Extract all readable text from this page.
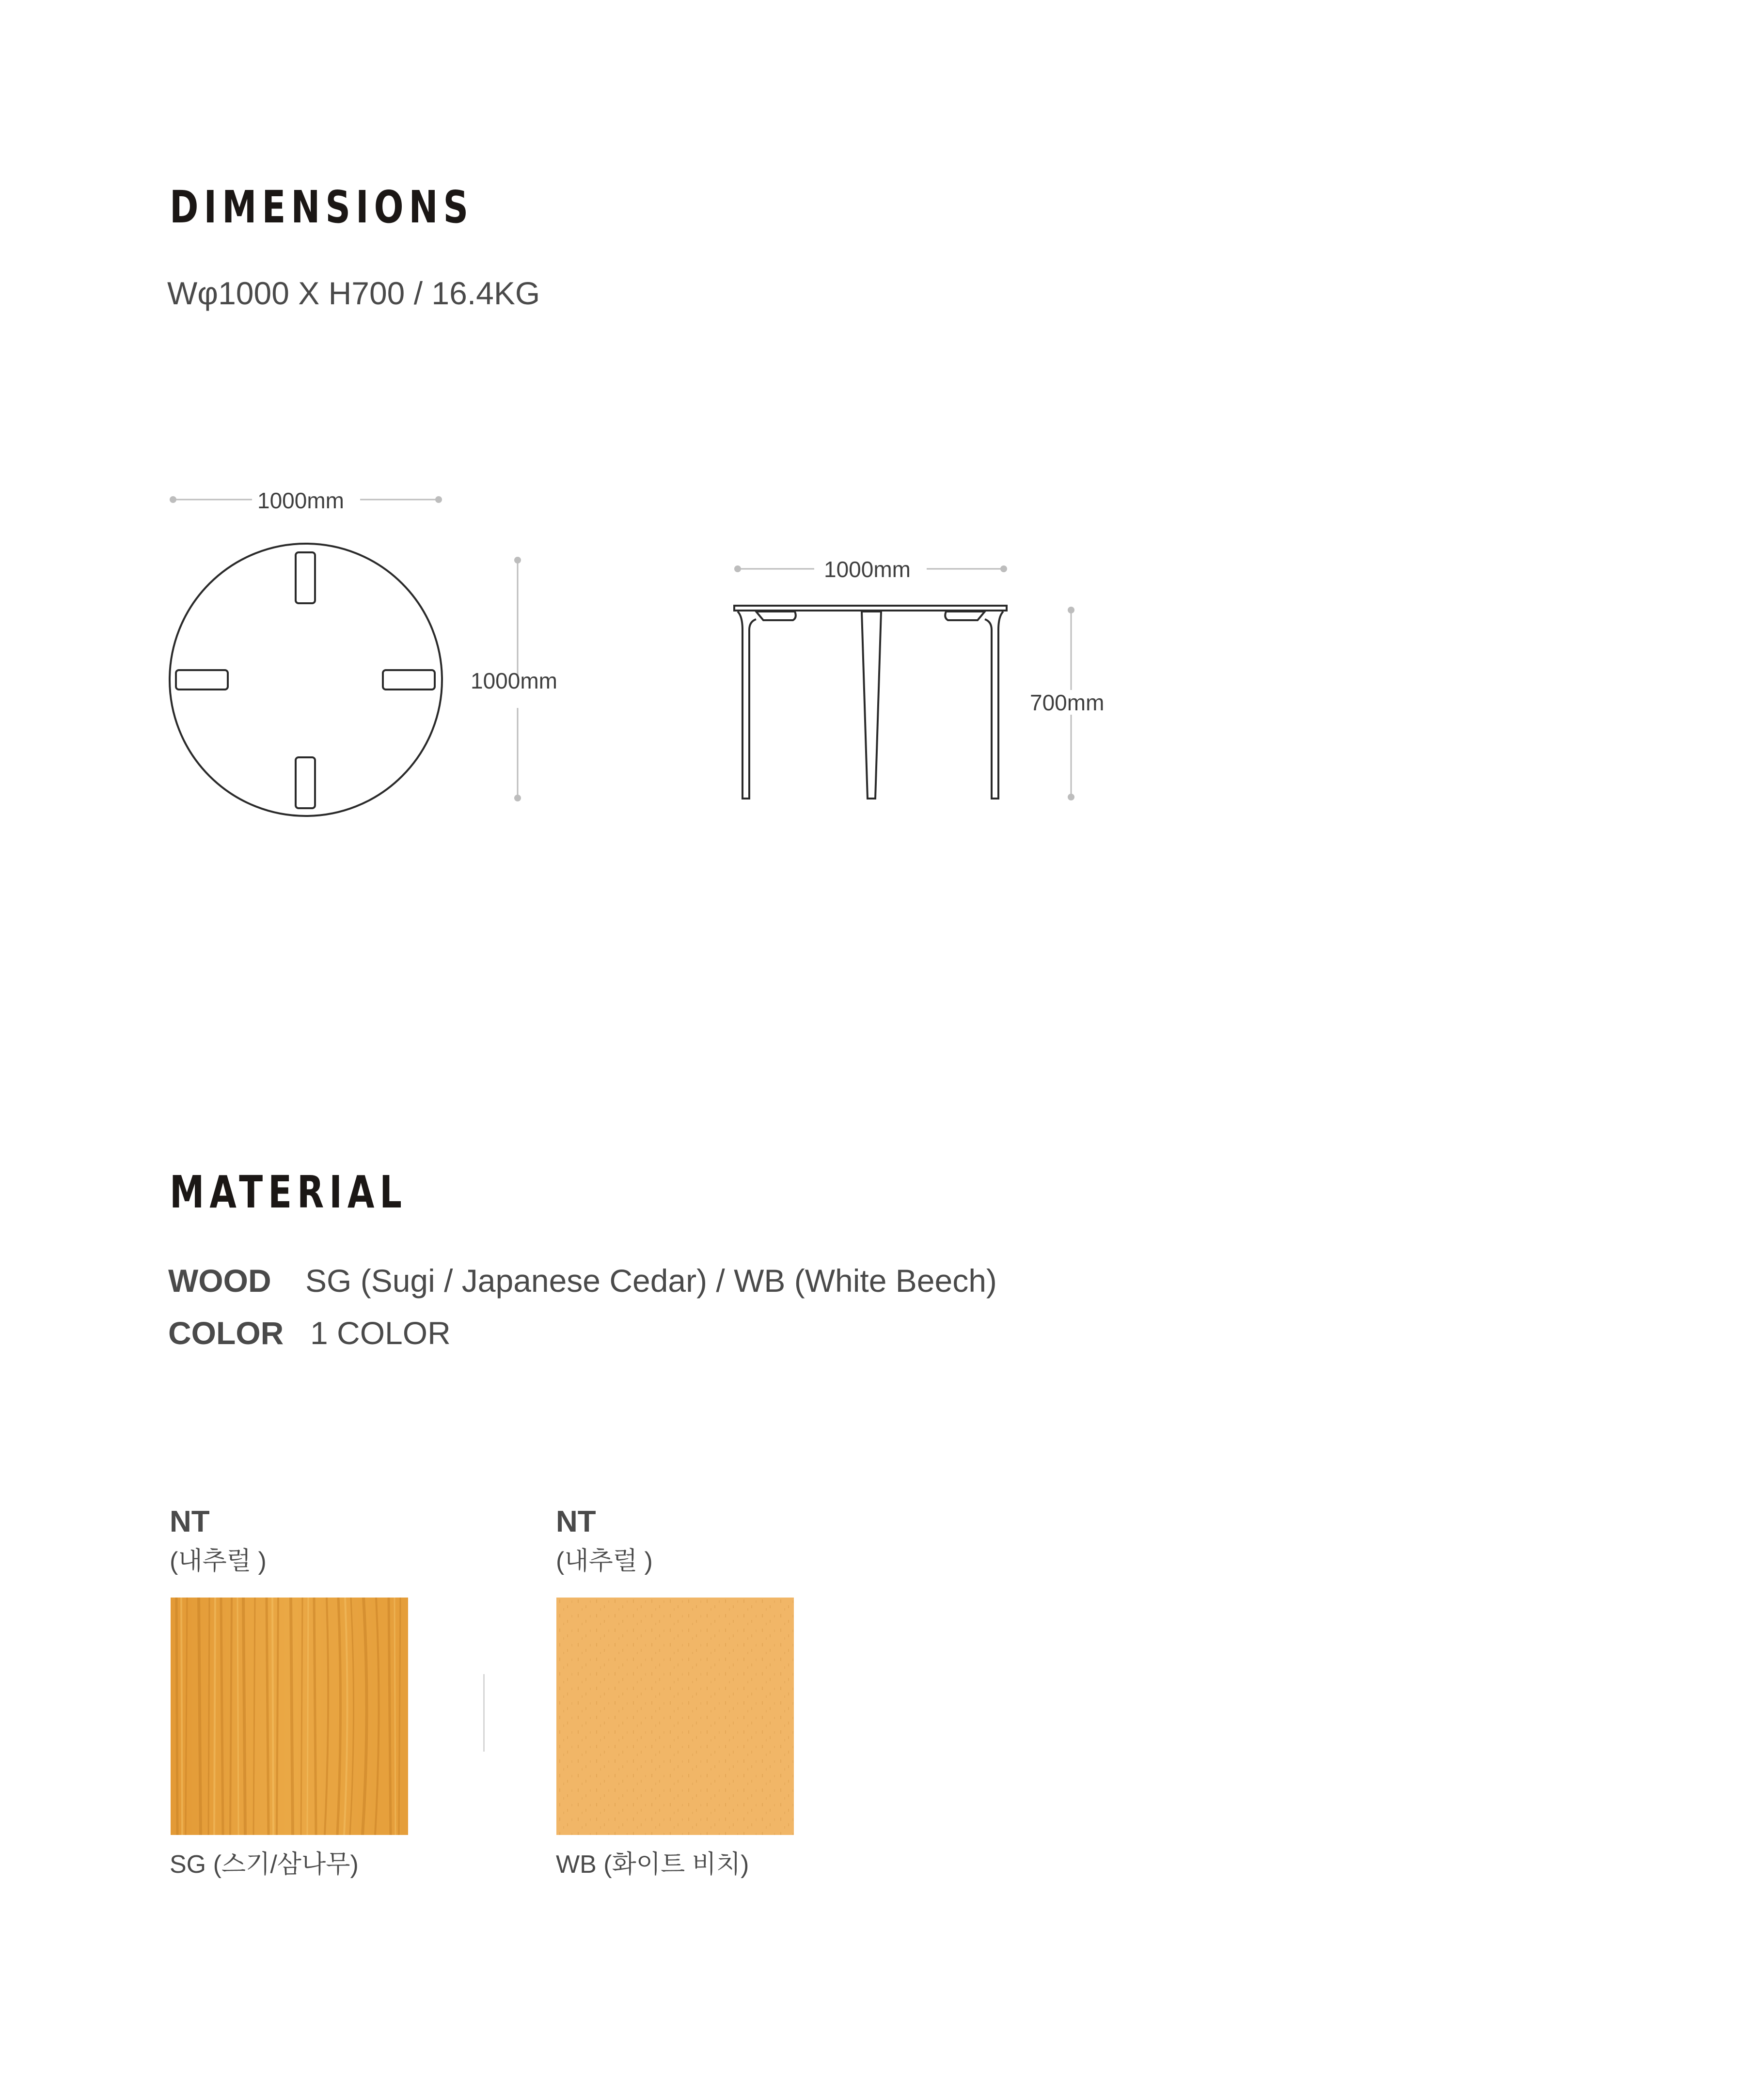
DIMENSIONS
Wφ1000 X H700 / 16.4KG
1000mm
1000mm
1000mm
700mm
MATERIAL
WOOD SG (Sugi / Japanese Cedar) / WB (White Beech)
COLOR 1 COLOR
NT
(내추럴 )
SG (스기/삼나무)
NT
(내추럴 )
WB (화이트 비치)
